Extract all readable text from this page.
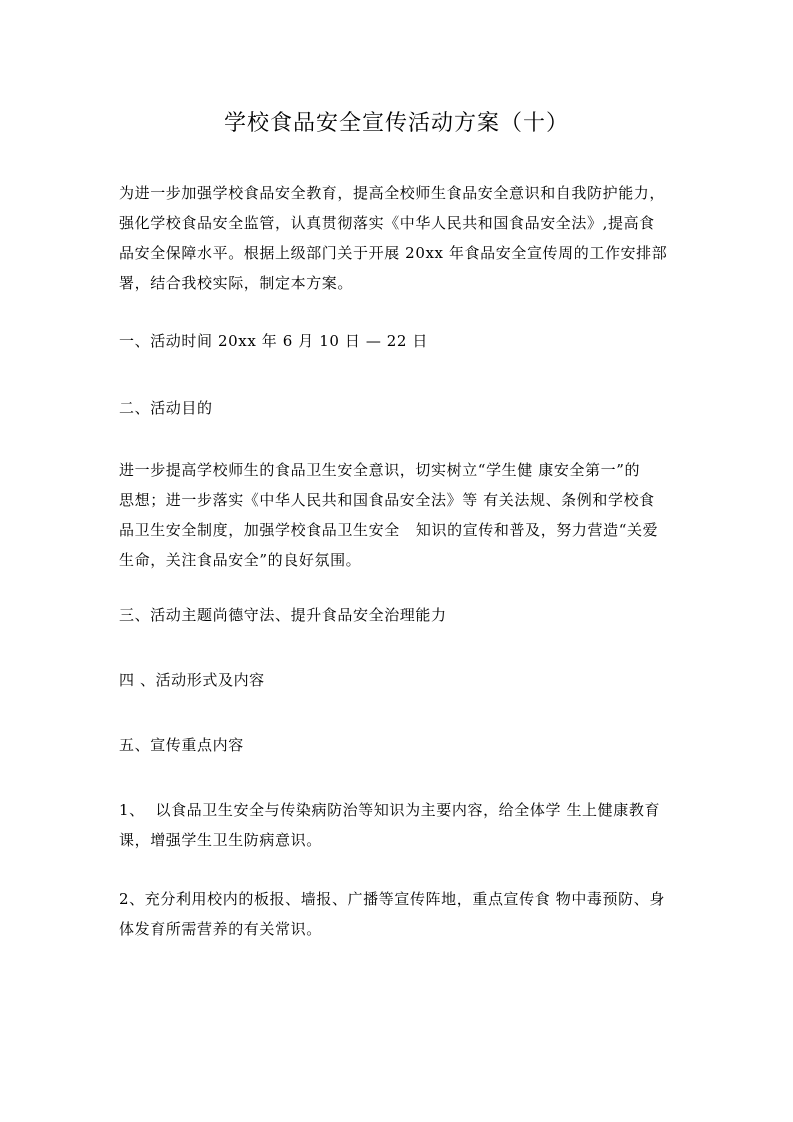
学校食品安全宣传活动方案（十）
为进一步加强学校食品安全教育，提高全校师生食品安全意识和自我防护能力，
强化学校食品安全监管，认真贯彻落实《中华人民共和国食品安全法》,提高食
品安全保障水平。根据上级部门关于开展 20xx 年食品安全宣传周的工作安排部
署，结合我校实际，制定本方案。
一、活动时间 20xx 年 6 月 10 日 — 22 日
二、活动目的
进一步提高学校师生的食品卫生安全意识，切实树立“学生健 康安全第一”的
思想；进一步落实《中华人民共和国食品安全法》等 有关法规、条例和学校食
品卫生安全制度，加强学校食品卫生安全   知识的宣传和普及，努力营造“关爱
生命，关注食品安全”的良好氛围。
三、活动主题尚德守法、提升食品安全治理能力
四 、活动形式及内容
五、宣传重点内容
1、  以食品卫生安全与传染病防治等知识为主要内容，给全体学 生上健康教育
课，增强学生卫生防病意识。
2、充分利用校内的板报、墙报、广播等宣传阵地，重点宣传食 物中毒预防、身
体发育所需营养的有关常识。
